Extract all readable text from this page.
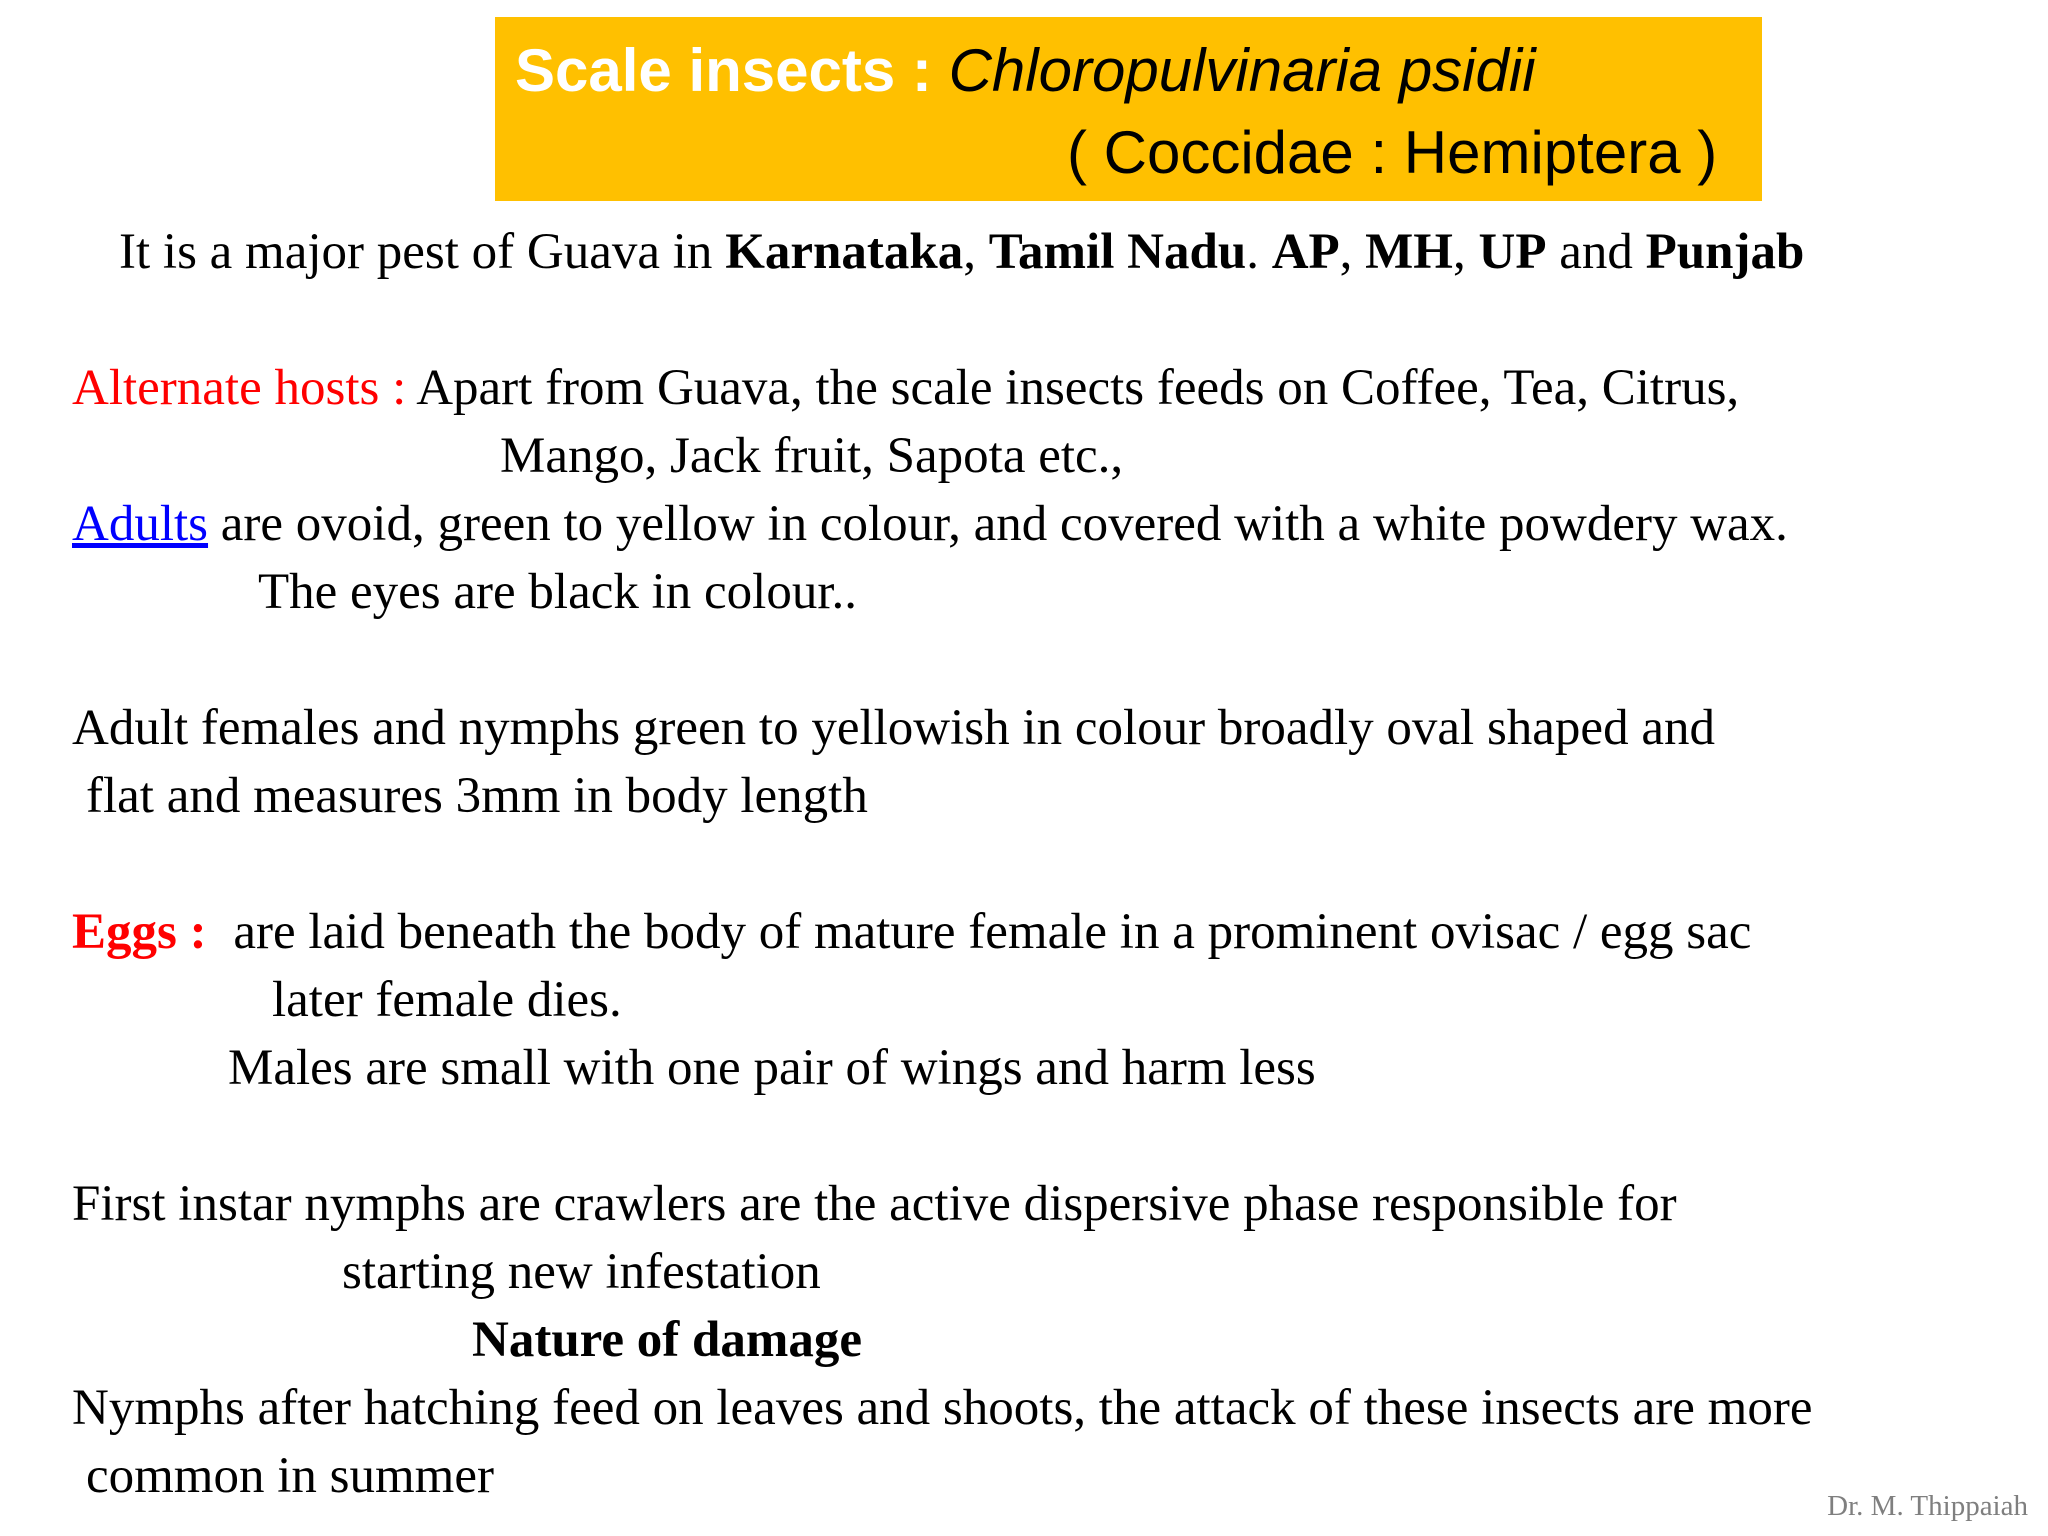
Scale insects : Chloropulvinaria psidii
( Coccidae : Hemiptera )
It is a major pest of Guava in Karnataka, Tamil Nadu. AP, MH, UP and Punjab
Alternate hosts : Apart from Guava, the scale insects feeds on Coffee, Tea, Citrus,
Mango, Jack fruit, Sapota etc.,
Adults are ovoid, green to yellow in colour, and covered with a white powdery wax.
The eyes are black in colour..
Adult females and nymphs green to yellowish in colour broadly oval shaped and
flat and measures 3mm in body length
Eggs : are laid beneath the body of mature female in a prominent ovisac / egg sac
later female dies.
Males are small with one pair of wings and harm less
First instar nymphs are crawlers are the active dispersive phase responsible for
starting new infestation
Nature of damage
Nymphs after hatching feed on leaves and shoots, the attack of these insects are more
common in summer
Dr. M. Thippaiah
